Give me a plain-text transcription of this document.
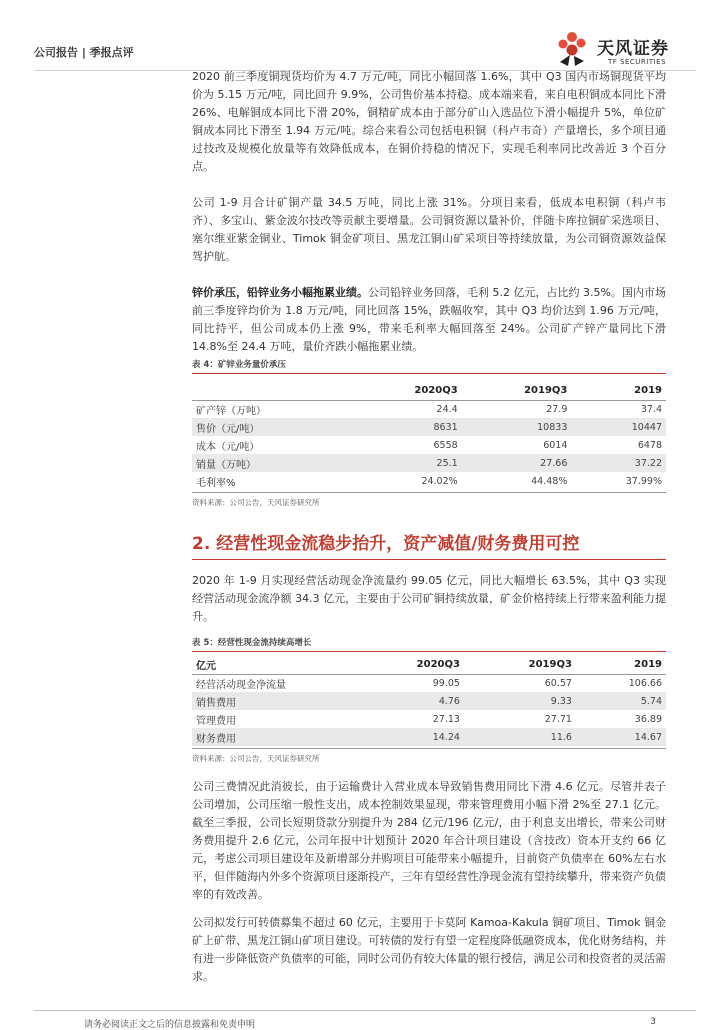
公司报告 | 季报点评	天风证券
TF SECURITIES

2020 前三季度铜现货均价为 4.7 万元/吨，同比小幅回落 1.6%，其中 Q3 国内市场铜现货平均价为 5.15 万元/吨，同比回升 9.9%，公司售价基本持稳。成本端来看，来自电积铜成本同比下滑 26%、电解铜成本同比下滑 20%，铜精矿成本由于部分矿山入选品位下滑小幅提升 5%，单位矿铜成本同比下滑至 1.94 万元/吨。综合来看公司包括电积铜（科卢韦奇）产量增长，多个项目通过技改及规模化放量等有效降低成本，在铜价持稳的情况下，实现毛利率同比改善近 3 个百分点。

公司 1-9 月合计矿铜产量 34.5 万吨，同比上涨 31%。分项目来看，低成本电积铜（科卢韦齐）、多宝山、紫金波尔技改等贡献主要增量。公司铜资源以量补价，伴随卡库拉铜矿采选项目、塞尔维亚紫金铜业、Timok 铜金矿项目、黑龙江铜山矿采项目等持续放量，为公司铜资源效益保驾护航。

锌价承压，铅锌业务小幅拖累业绩。公司铅锌业务回落，毛利 5.2 亿元，占比约 3.5%。国内市场前三季度锌均价为 1.8 万元/吨，同比回落 15%，跌幅收窄，其中 Q3 均价达到 1.96 万元/吨，同比持平，但公司成本仍上涨 9%，带来毛利率大幅回落至 24%。公司矿产锌产量同比下滑 14.8%至 24.4 万吨，量价齐跌小幅拖累业绩。

表 4：矿锌业务量价承压
	2020Q3	2019Q3	2019
矿产锌（万吨）	24.4	27.9	37.4
售价（元/吨）	8631	10833	10447
成本（元/吨）	6558	6014	6478
销量（万吨）	25.1	27.66	37.22
毛利率%	24.02%	44.48%	37.99%
资料来源：公司公告，天风证券研究所
2. 经营性现金流稳步抬升，资产减值/财务费用可控

2020 年 1-9 月实现经营活动现金净流量约 99.05 亿元，同比大幅增长 63.5%，其中 Q3 实现经营活动现金流净额 34.3 亿元，主要由于公司矿铜持续放量，矿金价格持续上行带来盈利能力提升。

表 5：经营性现金流持续高增长
亿元	2020Q3	2019Q3	2019
经营活动现金净流量	99.05	60.57	106.66
销售费用	4.76	9.33	5.74
管理费用	27.13	27.71	36.89
财务费用	14.24	11.6	14.67
资料来源：公司公告，天风证券研究所

公司三费情况此消彼长，由于运输费计入营业成本导致销售费用同比下滑 4.6 亿元。尽管并表子公司增加，公司压缩一般性支出，成本控制效果显现，带来管理费用小幅下滑 2%至 27.1 亿元。截至三季报，公司长短期贷款分别提升为 284 亿元/196 亿元/，由于利息支出增长，带来公司财务费用提升 2.6 亿元，公司年报中计划预计 2020 年合计项目建设（含技改）资本开支约 66 亿元，考虑公司项目建设年及新增部分并购项目可能带来小幅提升，目前资产负债率在 60%左右水平，但伴随海内外多个资源项目逐渐投产，三年有望经营性净现金流有望持续攀升，带来资产负债率的有效改善。

公司拟发行可转债募集不超过 60 亿元，主要用于卡莫阿 Kamoa-Kakula 铜矿项目、Timok 铜金矿上矿带、黑龙江铜山矿项目建设。可转债的发行有望一定程度降低融资成本，优化财务结构，并有进一步降低资产负债率的可能，同时公司仍有较大体量的银行授信，满足公司和投资者的灵活需求。

请务必阅读正文之后的信息披露和免责申明	3
